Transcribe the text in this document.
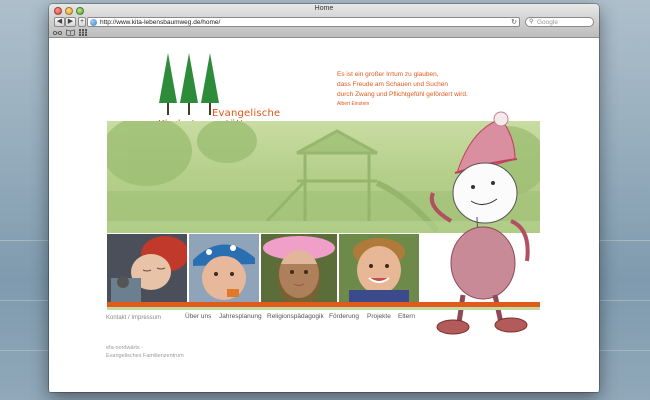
Home
◀ ▶ +	http://www.kita-lebensbaumweg.de/home/	↻ ⚲ Google
Evangelische
Es ist ein großer Irrtum zu glauben,
dass Freude am Schauen und Suchen
durch Zwang und Pflichtgefühl gefördert wird.
Albert Einstein
Kontakt / Impressum	Über uns Jahresplanung Religionspädagogik Förderung Projekte Eltern
efa-nordwärts -
Evangelisches Familienzentrum
